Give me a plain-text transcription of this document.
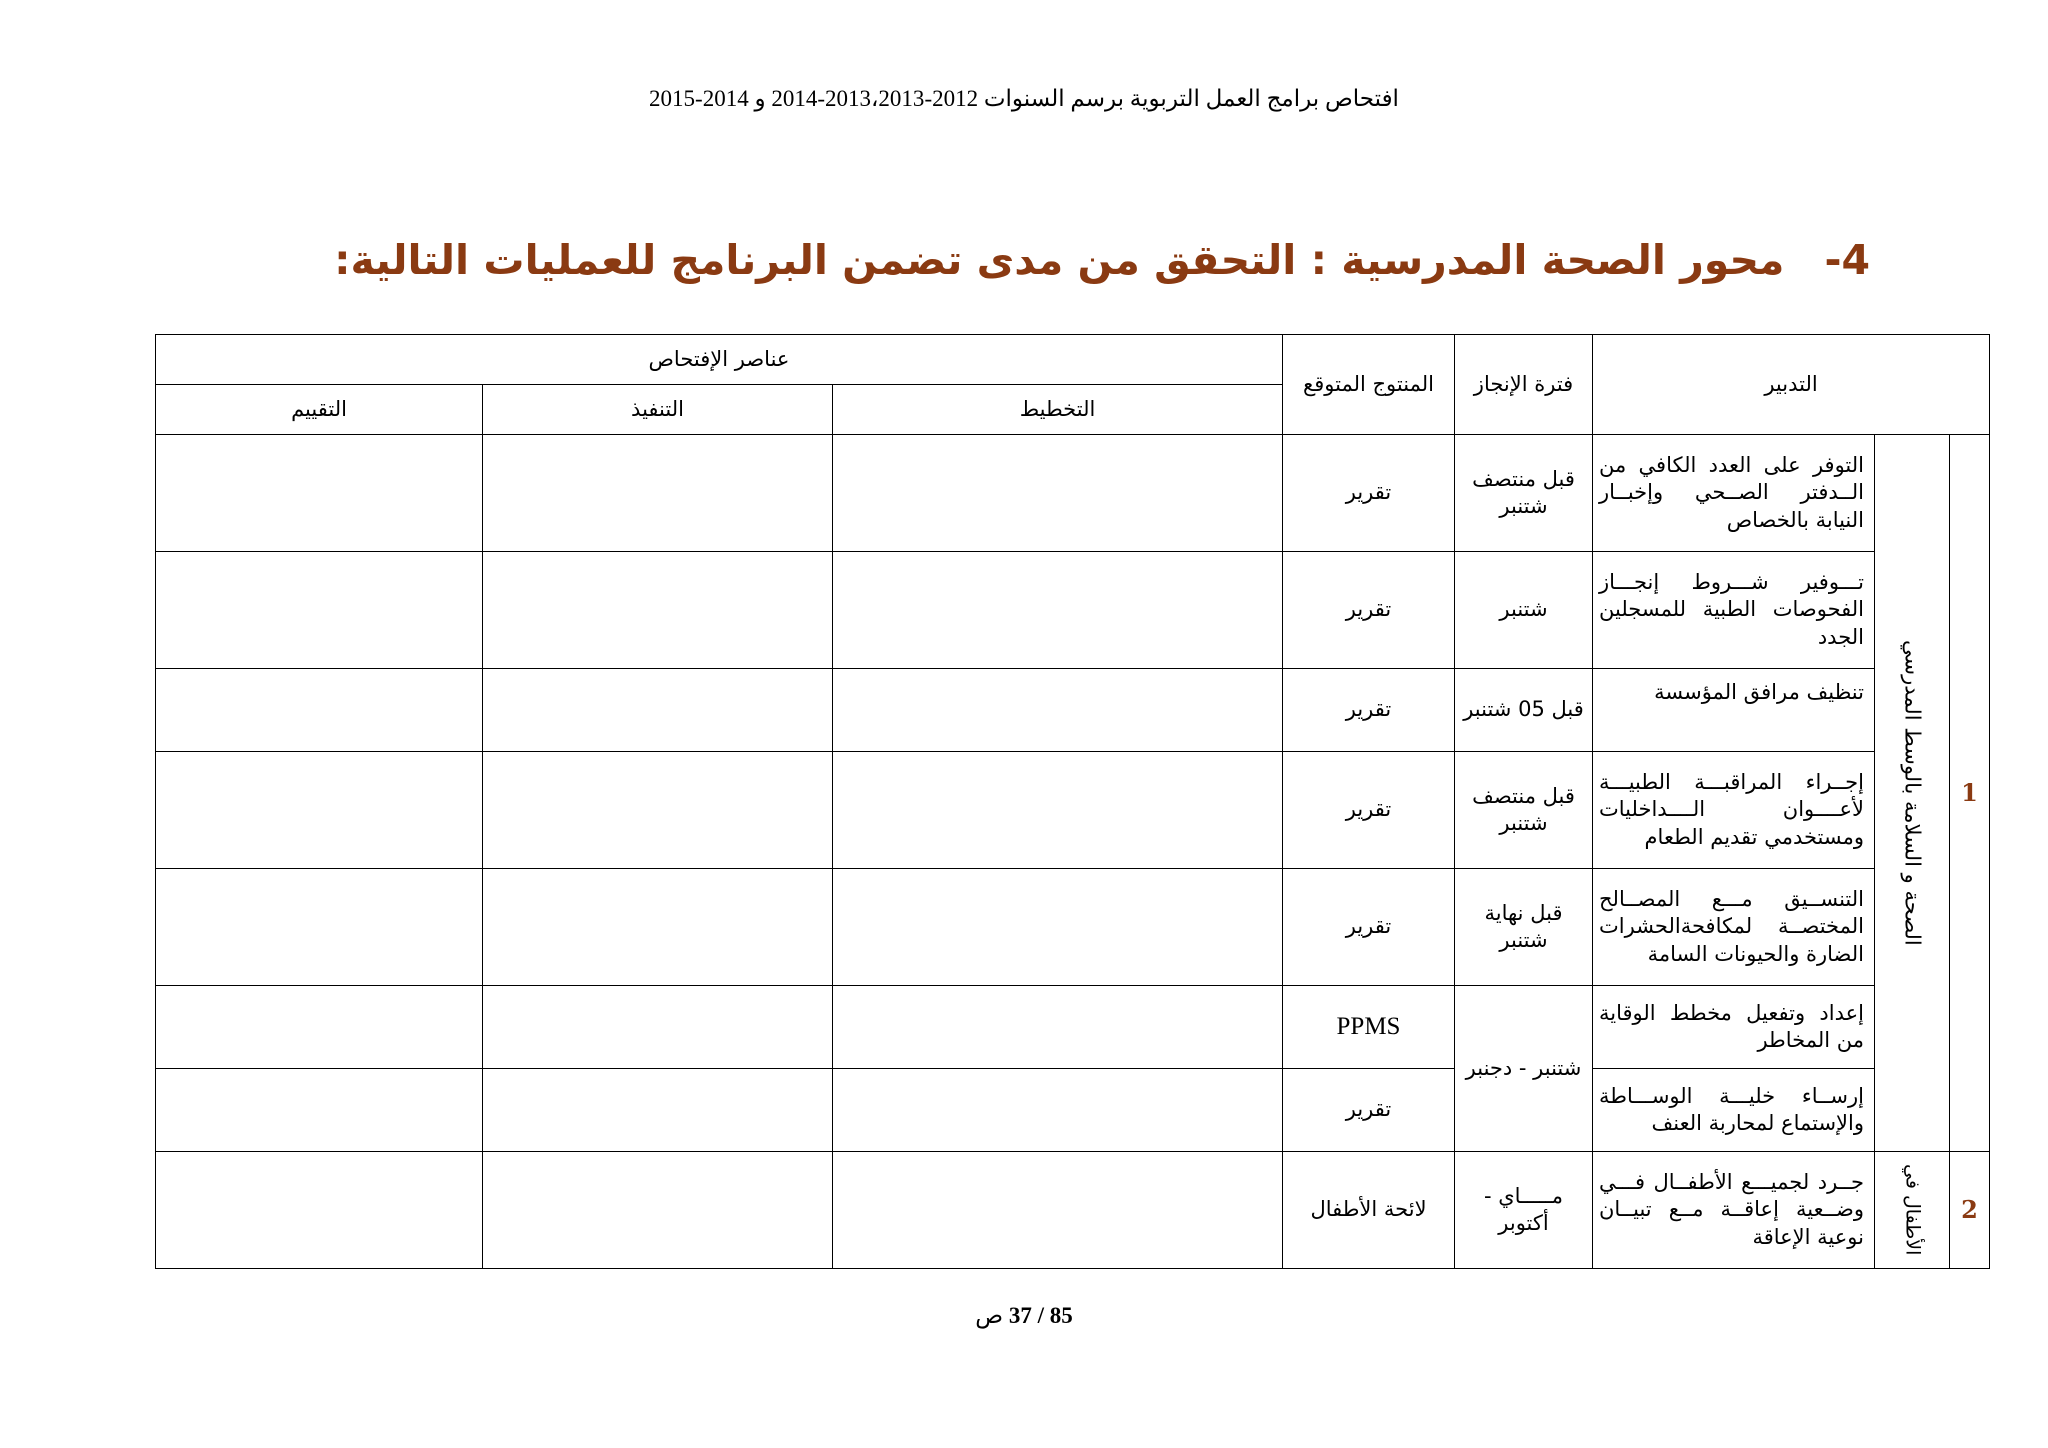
افتحاص برامج العمل التربوية برسم السنوات 2012-2013،2013-2014 و 2014-2015
4-محور الصحة المدرسية : التحقق من مدى تضمن البرنامج للعمليات التالية:
التدبير			فترة الإنجاز	المنتوج المتوقع	عناصر الإفتحاص		
					التخطيط	التنفيذ	التقييم
1	الصحة و السلامة بالوسط المدرسي	التوفر على العدد الكافي من الــدفتر الصــحي وإخبــار النيابة بالخصاص	قبل منتصف شتنبر	تقرير			
		تـــوفير شـــروط إنجـــاز الفحوصات الطبية للمسجلين الجدد	شتنبر	تقرير			
		تنظيف مرافق المؤسسة	قبل 05 شتنبر	تقرير			
		إجــراء المراقبـــة الطبيـــة لأعــــوان الــــداخليات ومستخدمي تقديم الطعام	قبل منتصف شتنبر	تقرير			
		التنســيق مـــع المصــالح المختصــة لمكافحةالحشرات الضارة والحيونات السامة	قبل نهاية شتنبر	تقرير			
		إعداد وتفعيل مخطط الوقاية من المخاطر	شتنبر - دجنبر	PPMS			
		إرســاء خليـــة الوســـاطة والإستماع لمحاربة العنف		تقرير			
2	الأطفال في	جــرد لجميـــع الأطفــال فـــي وضــعية إعاقــة مــع تبيــان نوعية الإعاقة	مـــــاي - أكتوبر	لائحة الأطفال			
85 / 37 ص
